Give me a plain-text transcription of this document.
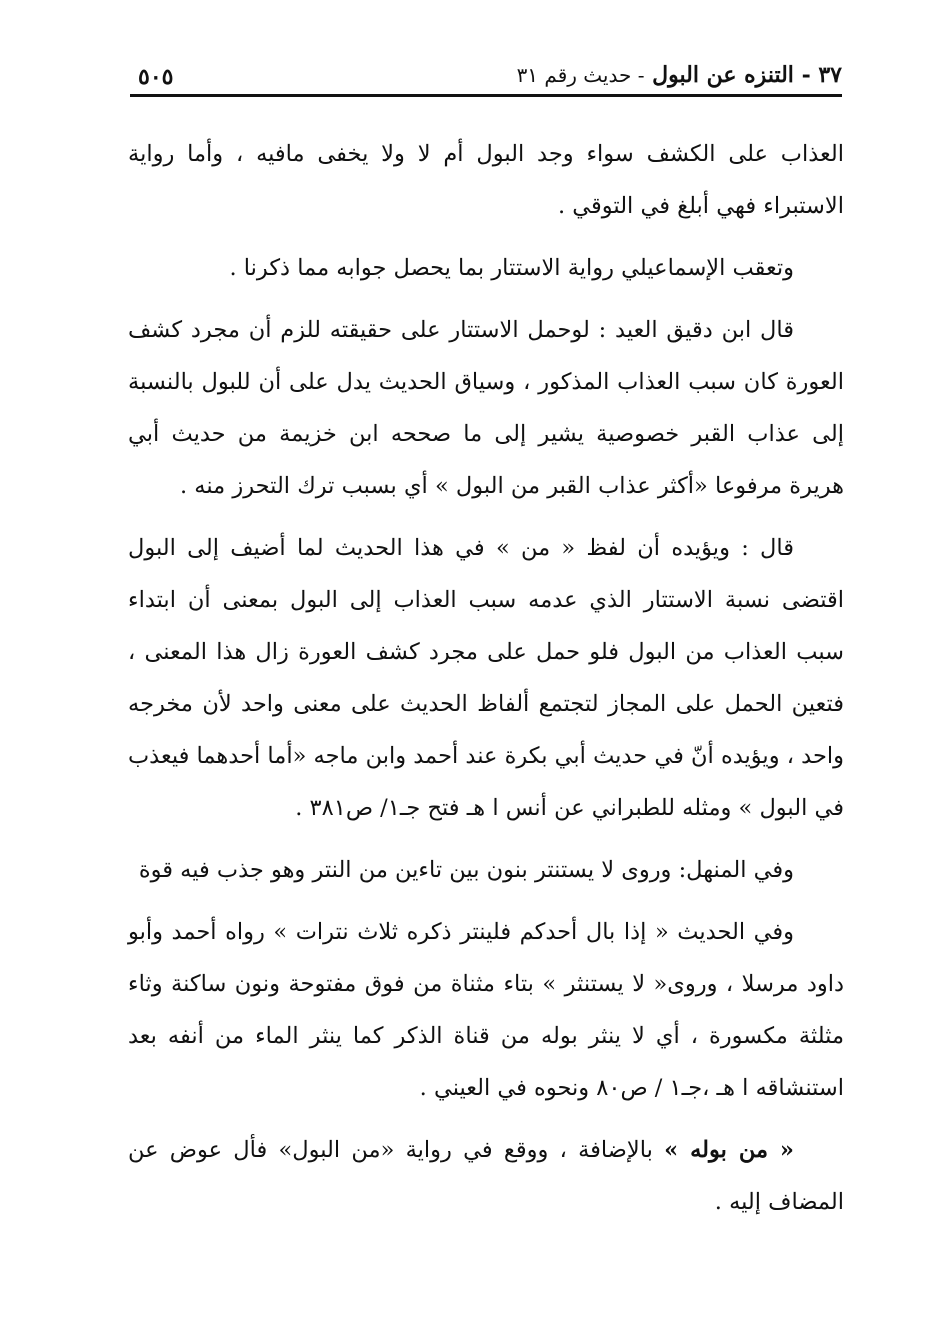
٣٧ - التنزه عن البول - حديث رقم ٣١
٥٠٥

العذاب على الكشف سواء وجد البول أم لا ولا يخفى مافيه ، وأما رواية الاستبراء فهي أبلغ في التوقي .

وتعقب الإسماعيلي رواية الاستتار بما يحصل جوابه مما ذكرنا .

قال ابن دقيق العيد : لوحمل الاستتار على حقيقته للزم أن مجرد كشف العورة كان سبب العذاب المذكور ، وسياق الحديث يدل على أن للبول بالنسبة إلى عذاب القبر خصوصية يشير إلى ما صححه ابن خزيمة من حديث أبي هريرة مرفوعا «أكثر عذاب القبر من البول » أي بسبب ترك التحرز منه .

قال : ويؤيده أن لفظ « من » في هذا الحديث لما أضيف إلى البول اقتضى نسبة الاستتار الذي عدمه سبب العذاب إلى البول بمعنى أن ابتداء سبب العذاب من البول فلو حمل على مجرد كشف العورة زال هذا المعنى ، فتعين الحمل على المجاز لتجتمع ألفاظ الحديث على معنى واحد لأن مخرجه واحد ، ويؤيده أنّ في حديث أبي بكرة عند أحمد وابن ماجه «أما أحدهما فيعذب في البول » ومثله للطبراني عن أنس ا هـ فتح جـ١/ ص٣٨١ .

وفي المنهل: وروى لا يستنتر بنون بين تاءين من النتر وهو جذب فيه قوة

وفي الحديث « إذا بال أحدكم فلينتر ذكره ثلاث نترات » رواه أحمد وأبو داود مرسلا ، وروى« لا يستنثر » بتاء مثناة من فوق مفتوحة ونون ساكنة وثاء مثلثة مكسورة ، أي لا ينثر بوله من قناة الذكر كما ينثر الماء من أنفه بعد استنشاقه ا هـ ،جـ١ / ص٨٠ ونحوه في العيني .

« من بوله » بالإضافة ، ووقع في رواية «من البول» فأل عوض عن المضاف إليه .
